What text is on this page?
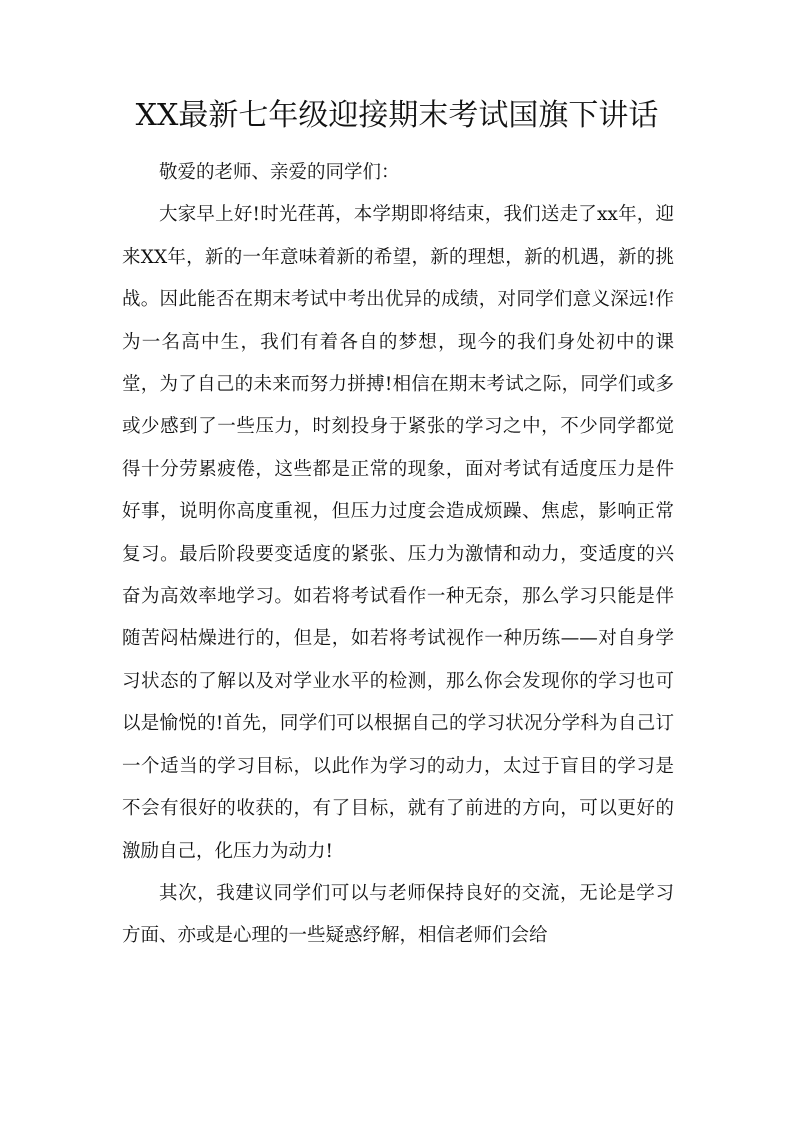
XX最新七年级迎接期末考试国旗下讲话

敬爱的老师、亲爱的同学们：

大家早上好!时光荏苒，本学期即将结束，我们送走了xx年，迎来XX年，新的一年意味着新的希望，新的理想，新的机遇，新的挑战。因此能否在期末考试中考出优异的成绩，对同学们意义深远!作为一名高中生，我们有着各自的梦想，现今的我们身处初中的课堂，为了自己的未来而努力拼搏!相信在期末考试之际，同学们或多或少感到了一些压力，时刻投身于紧张的学习之中，不少同学都觉得十分劳累疲倦，这些都是正常的现象，面对考试有适度压力是件好事，说明你高度重视，但压力过度会造成烦躁、焦虑，影响正常复习。最后阶段要变适度的紧张、压力为激情和动力，变适度的兴奋为高效率地学习。如若将考试看作一种无奈，那么学习只能是伴随苦闷枯燥进行的，但是，如若将考试视作一种历练——对自身学习状态的了解以及对学业水平的检测，那么你会发现你的学习也可以是愉悦的!首先，同学们可以根据自己的学习状况分学科为自己订一个适当的学习目标，以此作为学习的动力，太过于盲目的学习是不会有很好的收获的，有了目标，就有了前进的方向，可以更好的激励自己，化压力为动力!

其次，我建议同学们可以与老师保持良好的交流，无论是学习方面、亦或是心理的一些疑惑纾解，相信老师们会给
